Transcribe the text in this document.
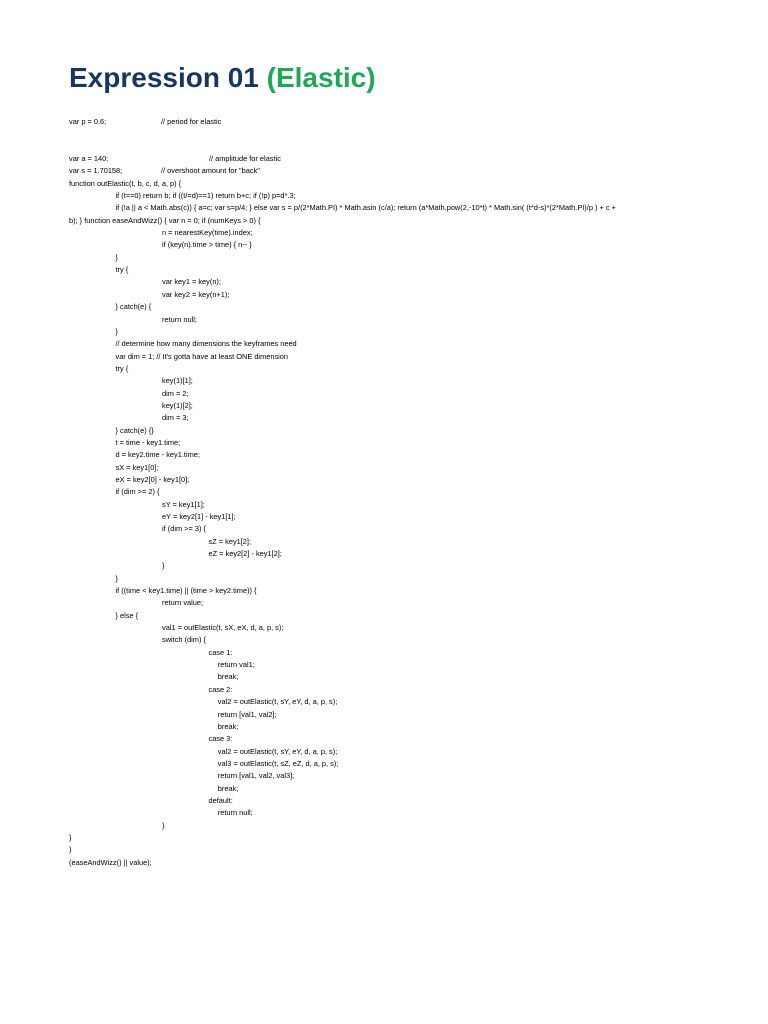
Expression 01 (Elastic)
var p = 0.6;	// period for elastic
var a = 140;	// amplitude for elastic
var s = 1.70158;	// overshoot amount for "back"
function outElastic(t, b, c, d, a, p) {
if (t==0) return b; if ((t/=d)==1) return b+c; if (!p) p=d*.3;
if (!a || a < Math.abs(c)) { a=c; var s=p/4; } else var s = p/(2*Math.PI) * Math.asin (c/a); return (a*Math.pow(2,-10*t) * Math.sin( (t*d-s)*(2*Math.PI)/p ) + c +
b); } function easeAndWizz() { var n = 0; if (numKeys > 0) {
n = nearestKey(time).index;
if (key(n).time > time) { n-- }
}
try {
var key1 = key(n);
var key2 = key(n+1);
} catch(e) {
return null;
}
// determine how many dimensions the keyframes need
var dim = 1; // It's gotta have at least ONE dimension
try {
key(1)[1];
dim = 2;
key(1)[2];
dim = 3;
} catch(e) {}
t = time - key1.time;
d = key2.time - key1.time;
sX = key1[0];
eX = key2[0] - key1[0];
if (dim >= 2) {
sY = key1[1];
eY = key2[1] - key1[1];
if (dim >= 3) {
sZ = key1[2];
eZ = key2[2] - key1[2];
}
}
if ((time < key1.time) || (time > key2.time)) {
return value;
} else {
val1 = outElastic(t, sX, eX, d, a, p, s);
switch (dim) {
case 1:
return val1;
break;
case 2:
val2 = outElastic(t, sY, eY, d, a, p, s);
return [val1, val2];
break;
case 3:
val2 = outElastic(t, sY, eY, d, a, p, s);
val3 = outElastic(t, sZ, eZ, d, a, p, s);
return [val1, val2, val3];
break;
default:
return null;
}
}
}
(easeAndWizz() || value);
